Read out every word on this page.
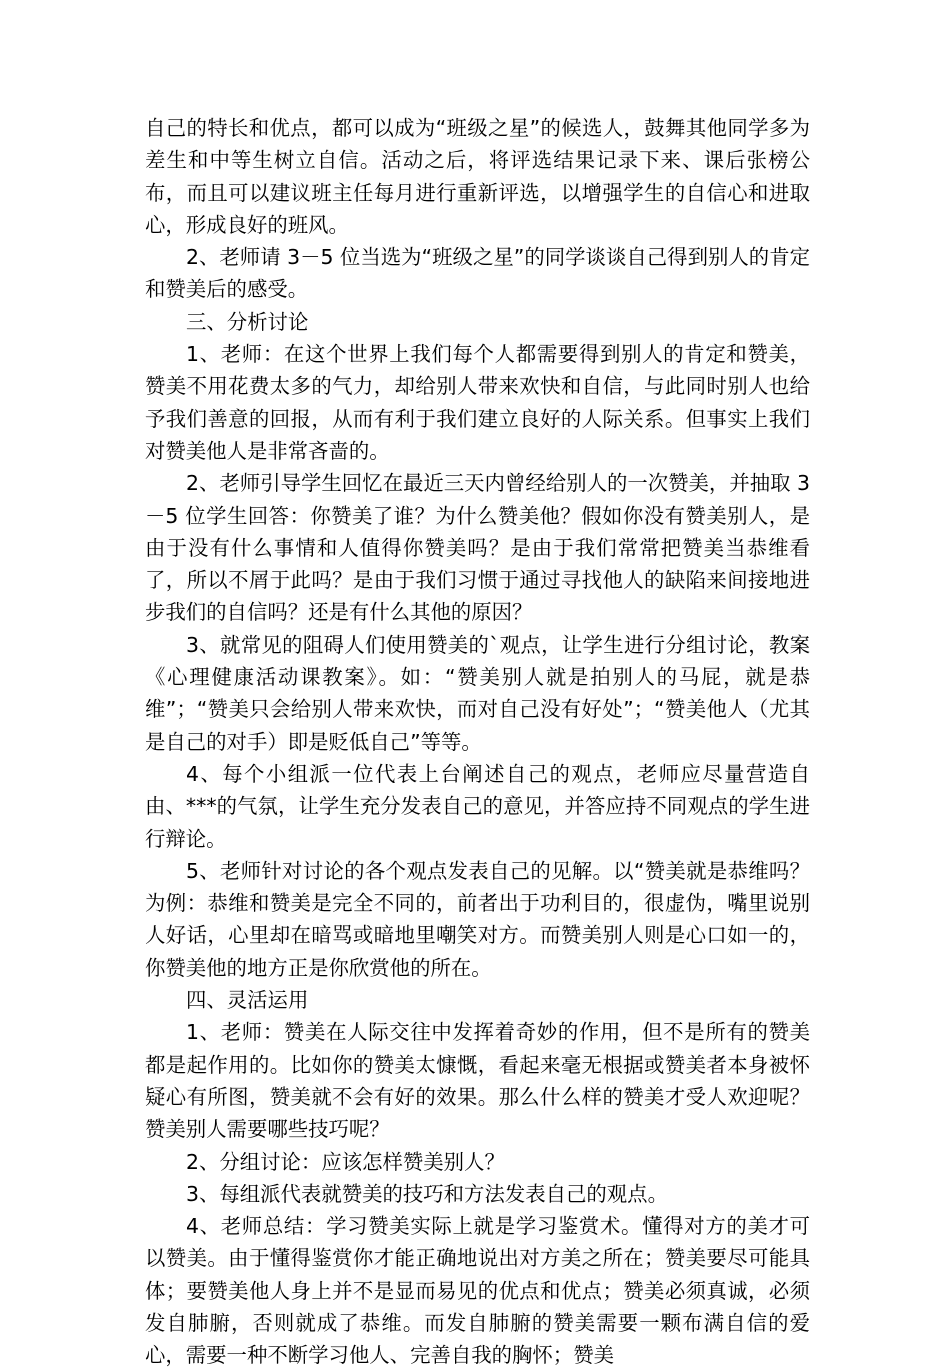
自己的特长和优点，都可以成为“班级之星”的候选人，鼓舞其他同学多为差生和中等生树立自信。活动之后，将评选结果记录下来、课后张榜公布，而且可以建议班主任每月进行重新评选，以增强学生的自信心和进取心，形成良好的班风。

2、老师请 3－5 位当选为“班级之星”的同学谈谈自己得到别人的肯定和赞美后的感受。

三、分析讨论

1、老师：在这个世界上我们每个人都需要得到别人的肯定和赞美，赞美不用花费太多的气力，却给别人带来欢快和自信，与此同时别人也给予我们善意的回报，从而有利于我们建立良好的人际关系。但事实上我们对赞美他人是非常吝啬的。

2、老师引导学生回忆在最近三天内曾经给别人的一次赞美，并抽取 3－5 位学生回答：你赞美了谁？为什么赞美他？假如你没有赞美别人，是由于没有什么事情和人值得你赞美吗？是由于我们常常把赞美当恭维看了，所以不屑于此吗？是由于我们习惯于通过寻找他人的缺陷来间接地进步我们的自信吗？还是有什么其他的原因？

3、就常见的阻碍人们使用赞美的`观点，让学生进行分组讨论，教案《心理健康活动课教案》。如：“赞美别人就是拍别人的马屁，就是恭维”；“赞美只会给别人带来欢快，而对自己没有好处”；“赞美他人（尤其是自己的对手）即是贬低自己”等等。

4、每个小组派一位代表上台阐述自己的观点，老师应尽量营造自由、***的气氛，让学生充分发表自己的意见，并答应持不同观点的学生进行辩论。

5、老师针对讨论的各个观点发表自己的见解。以“赞美就是恭维吗？为例：恭维和赞美是完全不同的，前者出于功利目的，很虚伪，嘴里说别人好话，心里却在暗骂或暗地里嘲笑对方。而赞美别人则是心口如一的，你赞美他的地方正是你欣赏他的所在。

四、灵活运用

1、老师：赞美在人际交往中发挥着奇妙的作用，但不是所有的赞美都是起作用的。比如你的赞美太慷慨，看起来毫无根据或赞美者本身被怀疑心有所图，赞美就不会有好的效果。那么什么样的赞美才受人欢迎呢？赞美别人需要哪些技巧呢？

2、分组讨论：应该怎样赞美别人？

3、每组派代表就赞美的技巧和方法发表自己的观点。

4、老师总结：学习赞美实际上就是学习鉴赏术。懂得对方的美才可以赞美。由于懂得鉴赏你才能正确地说出对方美之所在；赞美要尽可能具体；要赞美他人身上并不是显而易见的优点和优点；赞美必须真诚，必须发自肺腑，否则就成了恭维。而发自肺腑的赞美需要一颗布满自信的爱心，需要一种不断学习他人、完善自我的胸怀；赞美
